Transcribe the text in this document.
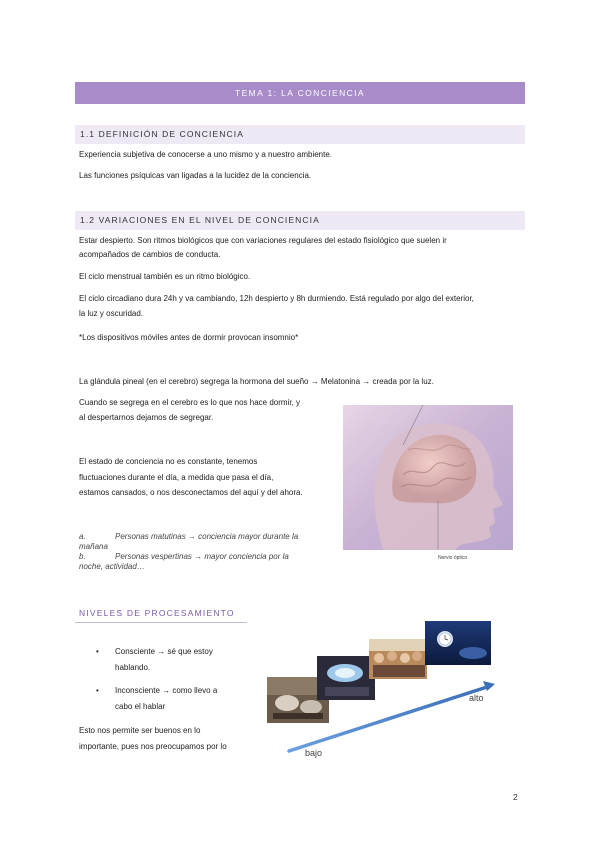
TEMA 1: LA CONCIENCIA
1.1 DEFINICIÓN DE CONCIENCIA
Experiencia subjetiva de conocerse a uno mismo y a nuestro ambiente.
Las funciones psíquicas van ligadas a la lucidez de la conciencia.
1.2 VARIACIONES EN EL NIVEL DE CONCIENCIA
Estar despierto. Son ritmos biológicos que con variaciones regulares del estado fisiológico que suelen ir
acompañados de cambios de conducta.
El ciclo menstrual también es un ritmo biológico.
El ciclo circadiano dura 24h y va cambiando, 12h despierto y 8h durmiendo. Está regulado por algo del exterior,
la luz y oscuridad.
*Los dispositivos móviles antes de dormir provocan insomnio*
La glándula pineal (en el cerebro) segrega la hormona del sueño → Melatonina → creada por la luz.
Cuando se segrega en el cerebro es lo que nos hace dormir, y
al despertarnos dejamos de segregar.
El estado de conciencia no es constante, tenemos
fluctuaciones durante el día, a medida que pasa el día,
estamos cansados, o nos desconectamos del aquí y del ahora.
a.	Personas matutinas → conciencia mayor durante la
mañana
b.	Personas vespertinas → mayor conciencia por la
noche, actividad…
Nervio óptico
NIVELES DE PROCESAMIENTO
• Consciente → sé que estoy
hablando.
• Inconsciente → como llevo a
cabo el hablar
Esto nos permite ser buenos en lo
importante, pues nos preocupamos por lo
bajo
alto
2
